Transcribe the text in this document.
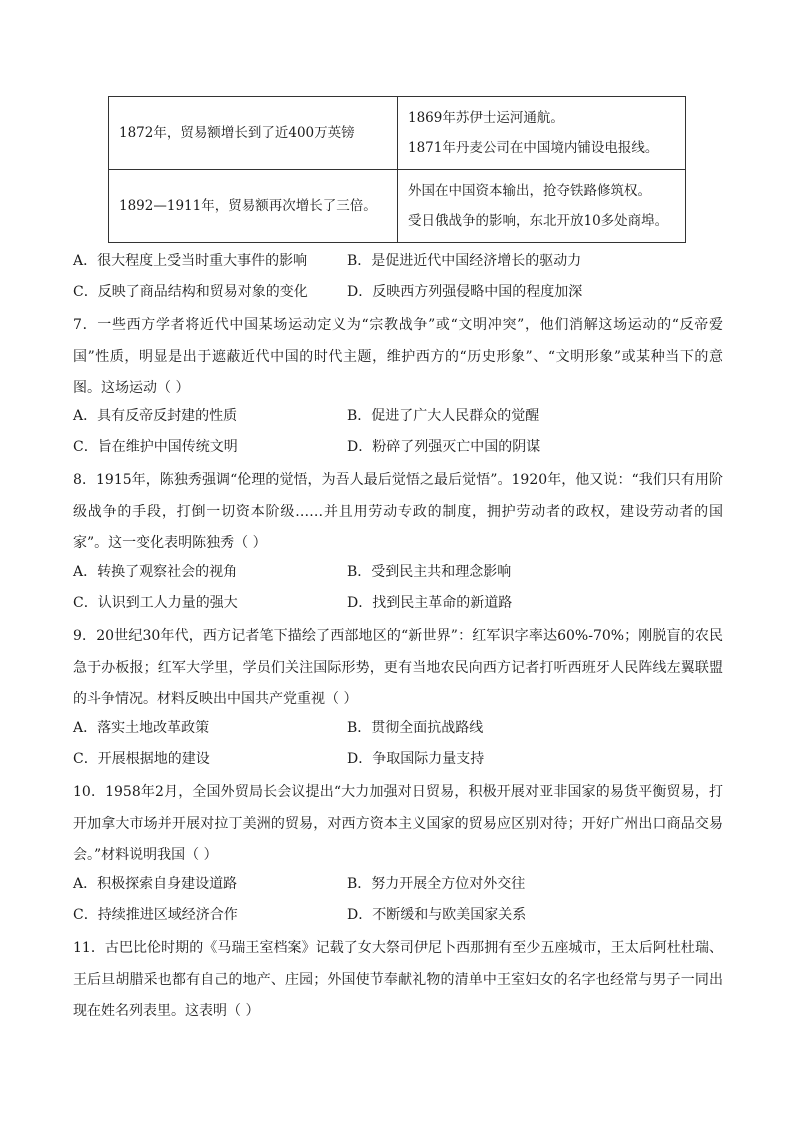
1872年，贸易额增长到了近400万英镑	1869年苏伊士运河通航。
1871年丹麦公司在中国境内铺设电报线。

1892—1911年，贸易额再次增长了三倍。	外国在中国资本输出，抢夺铁路修筑权。
受日俄战争的影响，东北开放10多处商埠。
A．很大程度上受当时重大事件的影响	B．是促进近代中国经济增长的驱动力
C．反映了商品结构和贸易对象的变化	D．反映西方列强侵略中国的程度加深
7．一些西方学者将近代中国某场运动定义为“宗教战争”或“文明冲突”，他们消解这场运动的“反帝爱国”性质，明显是出于遮蔽近代中国的时代主题，维护西方的“历史形象”、“文明形象”或某种当下的意图。这场运动（ ）
A．具有反帝反封建的性质	B．促进了广大人民群众的觉醒
C．旨在维护中国传统文明	D．粉碎了列强灭亡中国的阴谋
8．1915年，陈独秀强调“伦理的觉悟，为吾人最后觉悟之最后觉悟”。1920年，他又说：“我们只有用阶级战争的手段，打倒一切资本阶级……并且用劳动专政的制度，拥护劳动者的政权，建设劳动者的国家”。这一变化表明陈独秀（ ）
A．转换了观察社会的视角	B．受到民主共和理念影响
C．认识到工人力量的强大	D．找到民主革命的新道路
9．20世纪30年代，西方记者笔下描绘了西部地区的“新世界”：红军识字率达60%-70%；刚脱盲的农民急于办板报；红军大学里，学员们关注国际形势，更有当地农民向西方记者打听西班牙人民阵线左翼联盟的斗争情况。材料反映出中国共产党重视（ ）
A．落实土地改革政策	B．贯彻全面抗战路线
C．开展根据地的建设	D．争取国际力量支持
10．1958年2月，全国外贸局长会议提出“大力加强对日贸易，积极开展对亚非国家的易货平衡贸易，打开加拿大市场并开展对拉丁美洲的贸易，对西方资本主义国家的贸易应区别对待；开好广州出口商品交易会。”材料说明我国（ ）
A．积极探索自身建设道路	B．努力开展全方位对外交往
C．持续推进区域经济合作	D．不断缓和与欧美国家关系
11．古巴比伦时期的《马瑞王室档案》记载了女大祭司伊尼卜西那拥有至少五座城市，王太后阿杜杜瑞、王后旦胡腊采也都有自己的地产、庄园；外国使节奉献礼物的清单中王室妇女的名字也经常与男子一同出现在姓名列表里。这表明（ ）
